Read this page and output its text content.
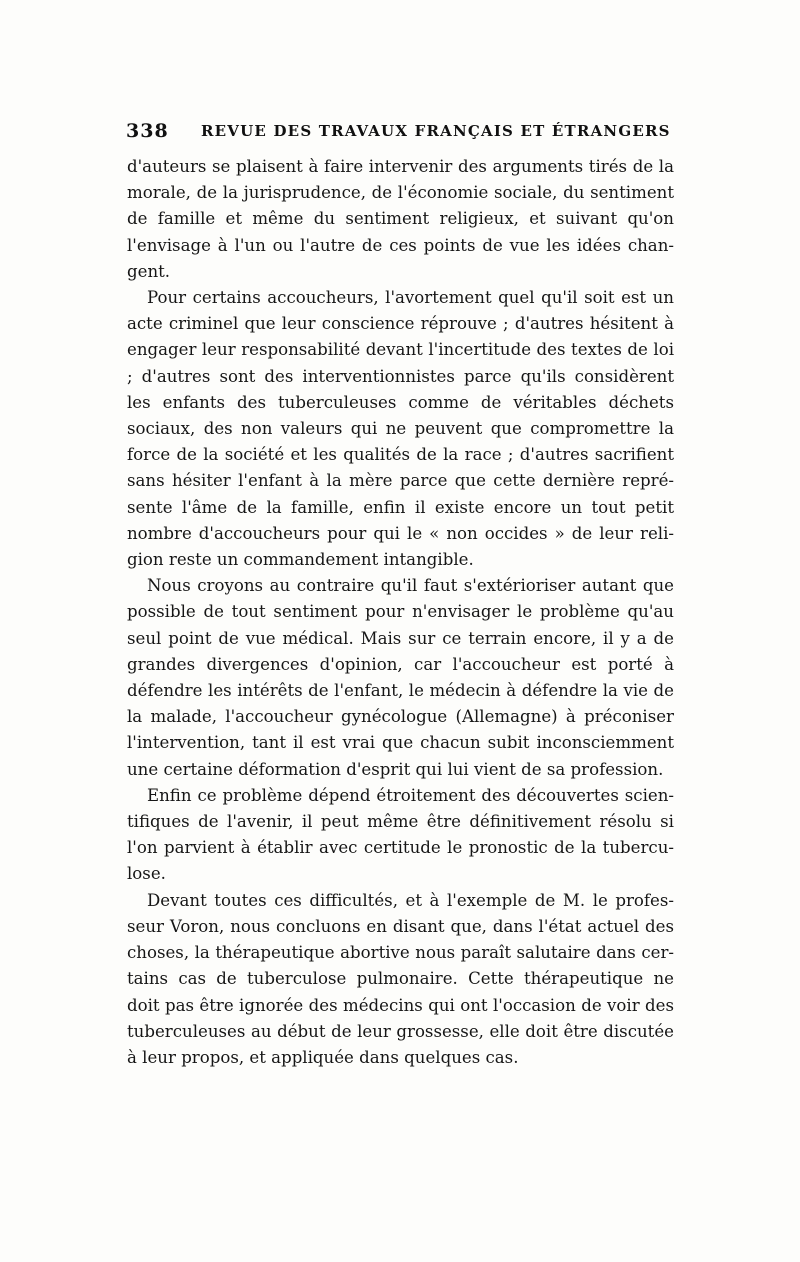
338 REVUE DES TRAVAUX FRANÇAIS ET ÉTRANGERS

d'auteurs se plaisent à faire intervenir des arguments tirés de la morale, de la jurisprudence, de l'économie sociale, du sentiment de famille et même du sentiment religieux, et suivant qu'on l'envisage à l'un ou l'autre de ces points de vue les idées changent.

Pour certains accoucheurs, l'avortement quel qu'il soit est un acte criminel que leur conscience réprouve ; d'autres hésitent à engager leur responsabilité devant l'incertitude des textes de loi ; d'autres sont des interventionnistes parce qu'ils considèrent les enfants des tuberculeuses comme de véritables déchets sociaux, des non valeurs qui ne peuvent que compromettre la force de la société et les qualités de la race ; d'autres sacrifient sans hésiter l'enfant à la mère parce que cette dernière représente l'âme de la famille, enfin il existe encore un tout petit nombre d'accoucheurs pour qui le « non occides » de leur religion reste un commandement intangible.

Nous croyons au contraire qu'il faut s'extérioriser autant que possible de tout sentiment pour n'envisager le problème qu'au seul point de vue médical. Mais sur ce terrain encore, il y a de grandes divergences d'opinion, car l'accoucheur est porté à défendre les intérêts de l'enfant, le médecin à défendre la vie de la malade, l'accoucheur gynécologue (Allemagne) à préconiser l'intervention, tant il est vrai que chacun subit inconsciemment une certaine déformation d'esprit qui lui vient de sa profession.

Enfin ce problème dépend étroitement des découvertes scientifiques de l'avenir, il peut même être définitivement résolu si l'on parvient à établir avec certitude le pronostic de la tuberculose.

Devant toutes ces difficultés, et à l'exemple de M. le professeur Voron, nous concluons en disant que, dans l'état actuel des choses, la thérapeutique abortive nous paraît salutaire dans certains cas de tuberculose pulmonaire. Cette thérapeutique ne doit pas être ignorée des médecins qui ont l'occasion de voir des tuberculeuses au début de leur grossesse, elle doit être discutée à leur propos, et appliquée dans quelques cas.
